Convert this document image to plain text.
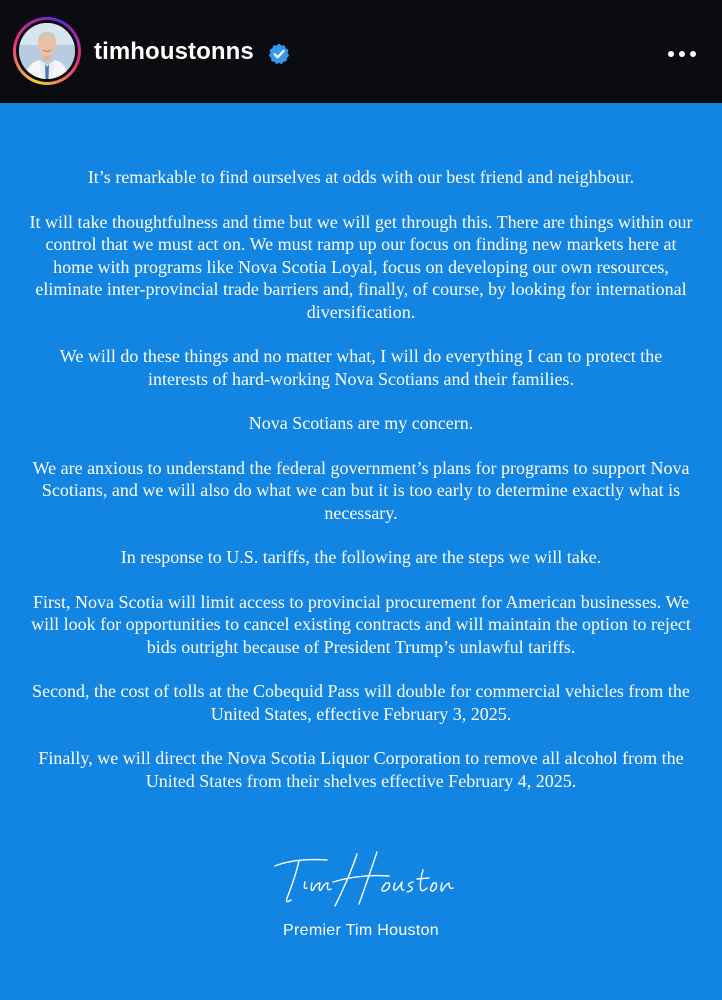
timhoustonns

It’s remarkable to find ourselves at odds with our best friend and neighbour.

It will take thoughtfulness and time but we will get through this. There are things within our control that we must act on. We must ramp up our focus on finding new markets here at home with programs like Nova Scotia Loyal, focus on developing our own resources, eliminate inter-provincial trade barriers and, finally, of course, by looking for international diversification.

We will do these things and no matter what, I will do everything I can to protect the interests of hard-working Nova Scotians and their families.

Nova Scotians are my concern.

We are anxious to understand the federal government’s plans for programs to support Nova Scotians, and we will also do what we can but it is too early to determine exactly what is necessary.

In response to U.S. tariffs, the following are the steps we will take.

First, Nova Scotia will limit access to provincial procurement for American businesses. We will look for opportunities to cancel existing contracts and will maintain the option to reject bids outright because of President Trump’s unlawful tariffs.

Second, the cost of tolls at the Cobequid Pass will double for commercial vehicles from the United States, effective February 3, 2025.

Finally, we will direct the Nova Scotia Liquor Corporation to remove all alcohol from the United States from their shelves effective February 4, 2025.

Premier Tim Houston
